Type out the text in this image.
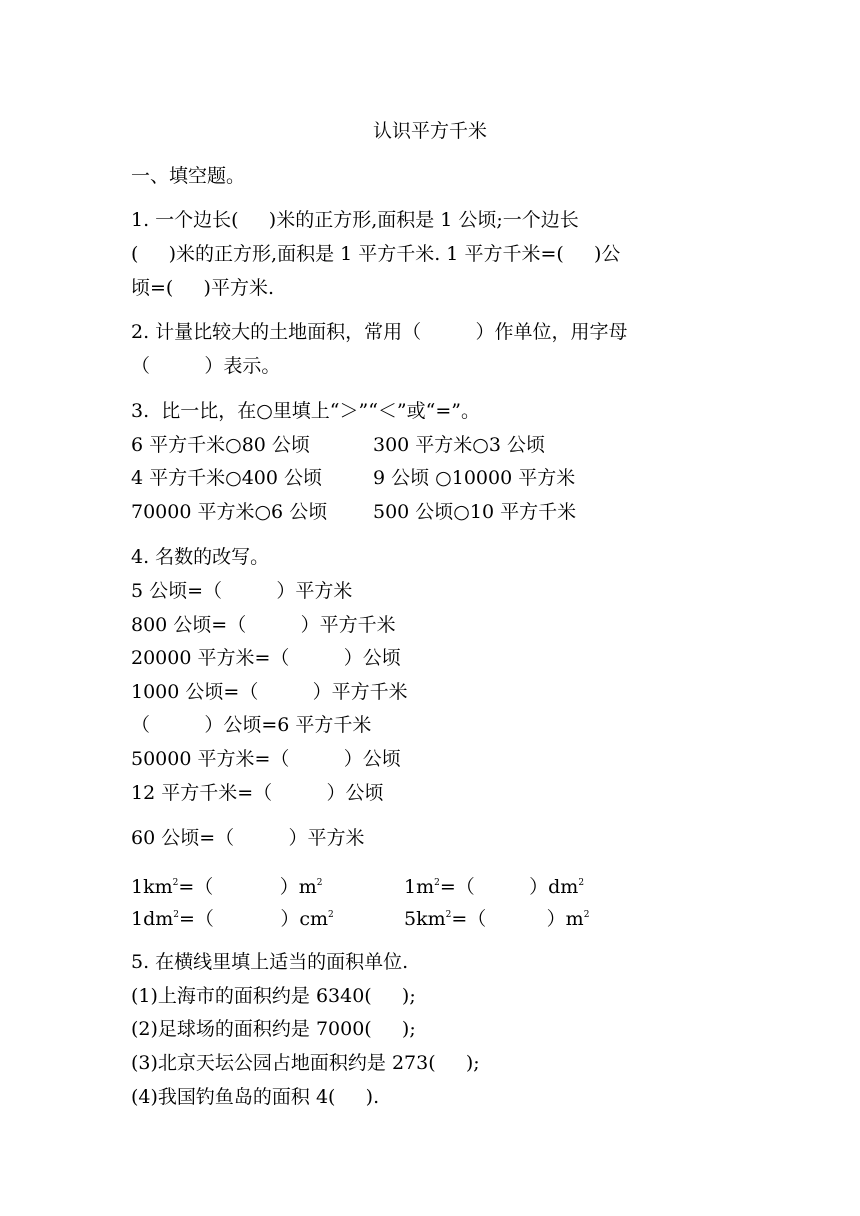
认识平方千米

一、填空题。

1. 一个边长(     )米的正方形,面积是 1 公顷;一个边长

(     )米的正方形,面积是 1 平方千米. 1 平方千米=(     )公

顷=(     )平方米.

2. 计量比较大的土地面积，常用（         ）作单位，用字母

（         ）表示。

3.  比一比，在○里填上“＞”“＜”或“=”。

6 平方千米○80 公顷	300 平方米○3 公顷

4 平方千米○400 公顷	9 公顷 ○10000 平方米

70000 平方米○6 公顷 500 公顷○10 平方千米

4. 名数的改写。

5 公顷=（         ）平方米

800 公顷=（         ）平方千米

20000 平方米=（         ）公顷

1000 公顷=（         ）平方千米

（         ）公顷=6 平方千米

50000 平方米=（         ）公顷

12 平方千米=（         ）公顷

60 公顷=（         ）平方米

$1km^2=$（           ）$m^2$	$1m^2=$（         ）$dm^2$

$1dm^2=$（           ）$cm^2$	$5km^2=$（          ）$m^2$

5. 在横线里填上适当的面积单位.

(1)上海市的面积约是 6340(     );

(2)足球场的面积约是 7000(     );

(3)北京天坛公园占地面积约是 273(     );

(4)我国钓鱼岛的面积 4(     ).
